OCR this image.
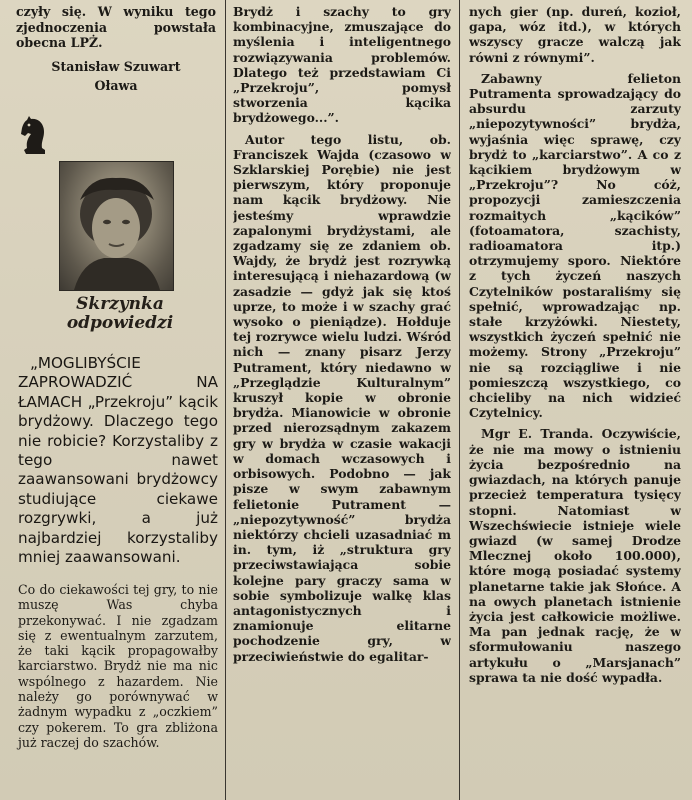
czyły się. W wyniku tego zjednoczenia powstała obecna LPŻ.

Stanisław Szuwart

Oława

Skrzynka
odpowiedzi
„MOGLIBYŚCIE ZAPROWADZIĆ NA ŁAMACH „Przekroju” kącik brydżowy. Dlaczego tego nie robicie? Korzystaliby z tego nawet zaawansowani brydżowcy studiujące ciekawe rozgrywki, a już najbardziej korzystaliby mniej zaawansowani.
Co do ciekawości tej gry, to nie muszę Was chyba przekonywać. I nie zgadzam się z ewentualnym zarzutem, że taki kącik propagowałby karciarstwo. Brydż nie ma nic wspólnego z hazardem. Nie należy go porównywać w żadnym wypadku z „oczkiem” czy pokerem. To gra zbliżona już raczej do szachów.

Brydż i szachy to gry kombinacyjne, zmuszające do myślenia i inteligentnego rozwiązywania problemów. Dlatego też przedstawiam Ci „Przekroju”, pomysł stworzenia kącika brydżowego...”.

Autor tego listu, ob. Franciszek Wajda (czasowo w Szklarskiej Porębie) nie jest pierwszym, który proponuje nam kącik brydżowy. Nie jesteśmy wprawdzie zapalonymi brydżystami, ale zgadzamy się ze zdaniem ob. Wajdy, że brydż jest rozrywką interesującą i niehazardową (w zasadzie — gdyż jak się ktoś uprze, to może i w szachy grać wysoko o pieniądze). Hołduje tej rozrywce wielu ludzi. Wśród nich — znany pisarz Jerzy Putrament, który niedawno w „Przeglądzie Kulturalnym” kruszył kopie w obronie brydża. Mianowicie w obronie przed nierozsądnym zakazem gry w brydża w czasie wakacji w domach wczasowych i orbisowych. Podobno — jak pisze w swym zabawnym felietonie Putrament — „niepozytywność” brydża niektórzy chcieli uzasadniać m in. tym, iż „struktura gry przeciwstawiająca sobie kolejne pary graczy sama w sobie symbolizuje walkę klas antagonistycznych i znamionuje elitarne pochodzenie gry, w przeciwieństwie do egalitar-

nych gier (np. dureń, kozioł, gapa, wóz itd.), w których wszyscy gracze walczą jak równi z równymi”.

Zabawny felieton Putramenta sprowadzający do absurdu zarzuty „niepozytywności” brydża, wyjaśnia więc sprawę, czy brydż to „karciarstwo”. A co z kącikiem brydżowym w „Przekroju”? No cóż, propozycji zamieszczenia rozmaitych „kącików” (fotoamatora, szachisty, radioamatora itp.) otrzymujemy sporo. Niektóre z tych życzeń naszych Czytelników postaraliśmy się spełnić, wprowadzając np. stałe krzyżówki. Niestety, wszystkich życzeń spełnić nie możemy. Strony „Przekroju” nie są rozciągliwe i nie pomieszczą wszystkiego, co chcieliby na nich widzieć Czytelnicy.

Mgr E. Tranda. Oczywiście, że nie ma mowy o istnieniu życia bezpośrednio na gwiazdach, na których panuje przecież temperatura tysięcy stopni. Natomiast w Wszechświecie istnieje wiele gwiazd (w samej Drodze Mlecznej około 100.000), które mogą posiadać systemy planetarne takie jak Słońce. A na owych planetach istnienie życia jest całkowicie możliwe. Ma pan jednak rację, że w sformułowaniu naszego artykułu o „Marsjanach” sprawa ta nie dość wypadła.
